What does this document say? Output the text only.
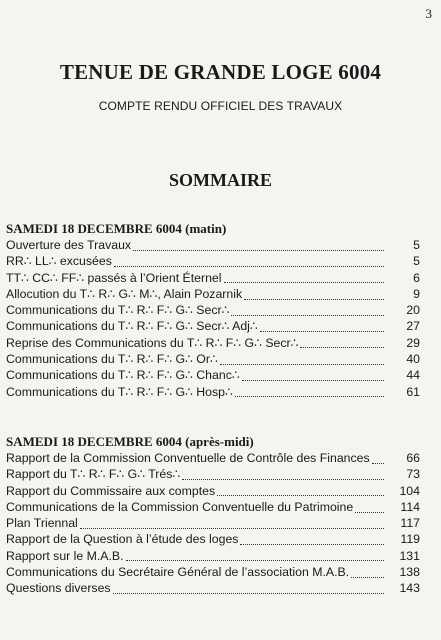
3
TENUE DE GRANDE LOGE 6004
COMPTE RENDU OFFICIEL DES TRAVAUX
SOMMAIRE
SAMEDI 18 DECEMBRE 6004 (matin)
Ouverture des Travaux	5
RR∴ LL∴ excusées	5
TT∴ CC∴ FF∴ passés à l’Orient Éternel	6
Allocution du T∴ R∴ G∴ M∴, Alain Pozarnik	9
Communications du T∴ R∴ F∴ G∴ Secr∴	20
Communications du T∴ R∴ F∴ G∴ Secr∴ Adj∴	27
Reprise des Communications du T∴ R∴ F∴ G∴ Secr∴	29
Communications du T∴ R∴ F∴ G∴ Or∴	40
Communications du T∴ R∴ F∴ G∴ Chanc∴	44
Communications du T∴ R∴ F∴ G∴ Hosp∴	61
SAMEDI 18 DECEMBRE 6004 (après-midi)
Rapport de la Commission Conventuelle de Contrôle des Finances	66
Rapport du T∴ R∴ F∴ G∴ Trés∴	73
Rapport du Commissaire aux comptes	104
Communications de la Commission Conventuelle du Patrimoine	114
Plan Triennal	117
Rapport de la Question à l’étude des loges	119
Rapport sur le M.A.B.	131
Communications du Secrétaire Général de l’association M.A.B.	138
Questions diverses	143
